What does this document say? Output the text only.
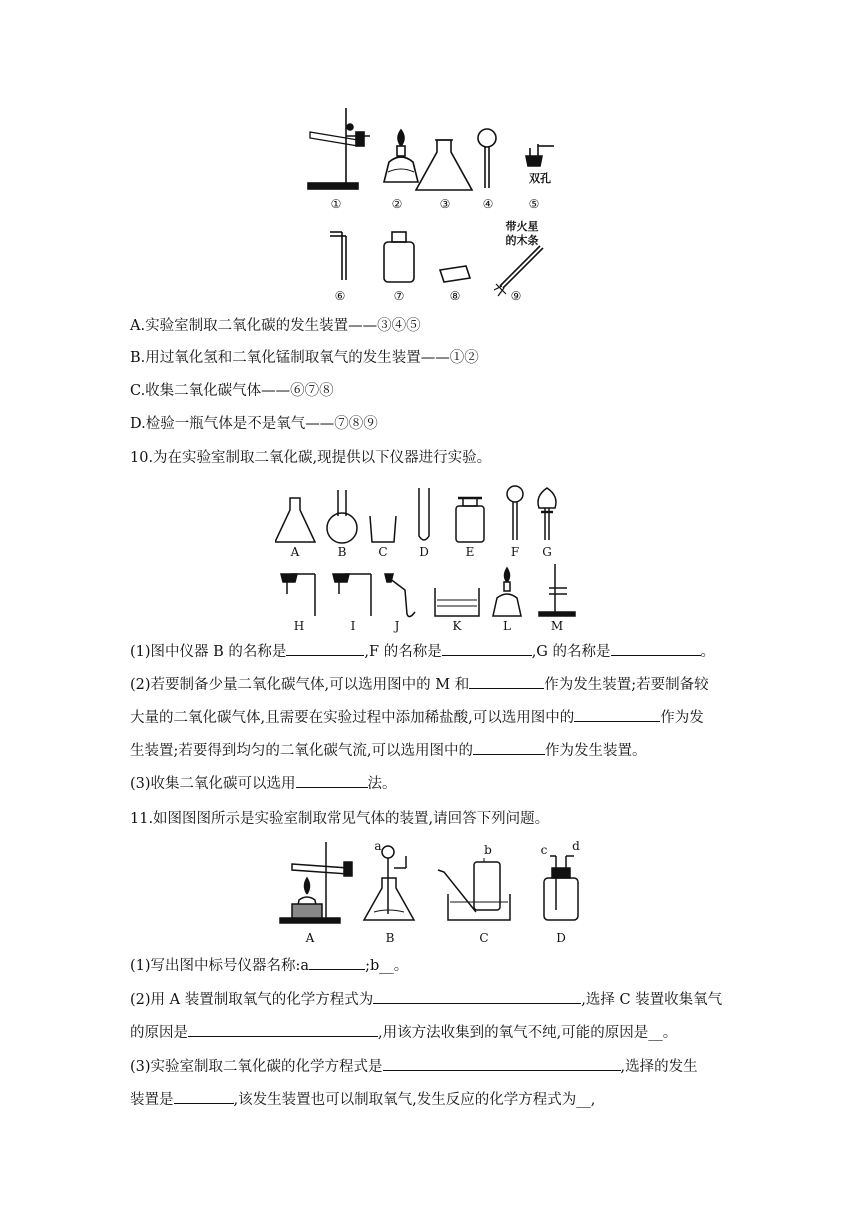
双孔
带火星
的木条
①	②	③	④	⑤
⑥	⑦	⑧	⑨
A.实验室制取二氧化碳的发生装置——③④⑤
B.用过氧化氢和二氧化锰制取氧气的发生装置——①②
C.收集二氧化碳气体——⑥⑦⑧
D.检验一瓶气体是不是氧气——⑦⑧⑨
10.为在实验室制取二氧化碳,现提供以下仪器进行实验。
A	B	C	D	E	F G
H	I	J	K	L	M
(1)图中仪器 B 的名称是	,F 的名称是	,G 的名称是	。
(2)若要制备少量二氧化碳气体,可以选用图中的 M 和	作为发生装置;若要制备较
大量的二氧化碳气体,且需要在实验过程中添加稀盐酸,可以选用图中的	作为发
生装置;若要得到均匀的二氧化碳气流,可以选用图中的	作为发生装置。
(3)收集二氧化碳可以选用	法。
11.如图图图所示是实验室制取常见气体的装置,请回答下列问题。
A	B	C	D
a	b	c d
(1)写出图中标号仪器名称:a	;b__。
(2)用 A 装置制取氧气的化学方程式为	,选择 C 装置收集氧气
的原因是	,用该方法收集到的氧气不纯,可能的原因是__。
(3)实验室制取二氧化碳的化学方程式是	,选择的发生
装置是	,该发生装置也可以制取氧气,发生反应的化学方程式为__,
